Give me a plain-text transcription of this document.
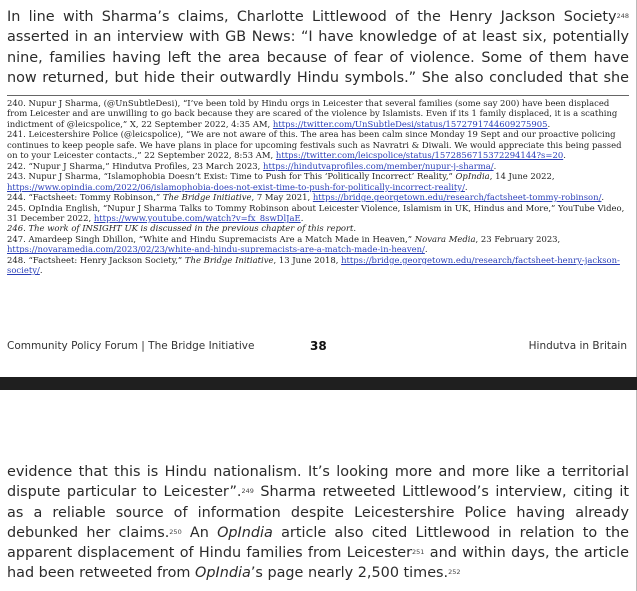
In line with Sharma’s claims, Charlotte Littlewood of the Henry Jackson Society$^{248}$ asserted in an interview with GB News: “I have knowledge of at least six, potentially nine, families having left the area because of fear of violence. Some of them have now returned, but hide their outwardly Hindu symbols.” She also concluded that she

240. Nupur J Sharma, (@UnSubtleDesi), “I’ve been told by Hindu orgs in Leicester that several families (some say 200) have been displaced from Leicester and are unwilling to go back because they are scared of the violence by Islamists. Even if its 1 family displaced, it is a scathing indictment of @leicspolice,” X, 22 September 2022, 4:35 AM, https://twitter.com/UnSubtleDesi/status/1572791744609275905.

241. Leicestershire Police (@leicspolice), “We are not aware of this. The area has been calm since Monday 19 Sept and our proactive policing continues to keep people safe. We have plans in place for upcoming festivals such as Navratri & Diwali. We would appreciate this being passed on to your Leicester contacts.,” 22 September 2022, 8:53 AM, https://twitter.com/leicspolice/status/1572856715372294144?s=20.

242. “Nupur J Sharma,” Hindutva Profiles, 23 March 2023, https://hindutvaprofiles.com/member/nupur-j-sharma/.

243. Nupur J Sharma, “Islamophobia Doesn’t Exist: Time to Push for This ‘Politically Incorrect’ Reality,” OpIndia, 14 June 2022, https://www.opindia.com/2022/06/islamophobia-does-not-exist-time-to-push-for-politically-incorrect-reality/.

244. “Factsheet: Tommy Robinson,” The Bridge Initiative, 7 May 2021, https://bridge.georgetown.edu/research/factsheet-tommy-robinson/.

245. OpIndia English, “Nupur J Sharma Talks to Tommy Robinson about Leicester Violence, Islamism in UK, Hindus and More,” YouTube Video, 31 December 2022, https://www.youtube.com/watch?v=fx_8swDlJaE.

246. The work of INSIGHT UK is discussed in the previous chapter of this report.

247. Amardeep Singh Dhillon, “White and Hindu Supremacists Are a Match Made in Heaven,” Novara Media, 23 February 2023, https://novaramedia.com/2023/02/23/white-and-hindu-supremacists-are-a-match-made-in-heaven/.

248. “Factsheet: Henry Jackson Society,” The Bridge Initiative, 13 June 2018, https://bridge.georgetown.edu/research/factsheet-henry-jackson-society/.

Community Policy Forum | The Bridge Initiative	38	Hindutva in Britain
evidence that this is Hindu nationalism. It’s looking more and more like a territorial dispute particular to Leicester”.$^{249}$ Sharma retweeted Littlewood’s interview, citing it as a reliable source of information despite Leicestershire Police having already debunked her claims.$^{250}$ An OpIndia article also cited Littlewood in relation to the apparent displacement of Hindu families from Leicester$^{251}$ and within days, the article had been retweeted from OpIndia’s page nearly 2,500 times.$^{252}$
